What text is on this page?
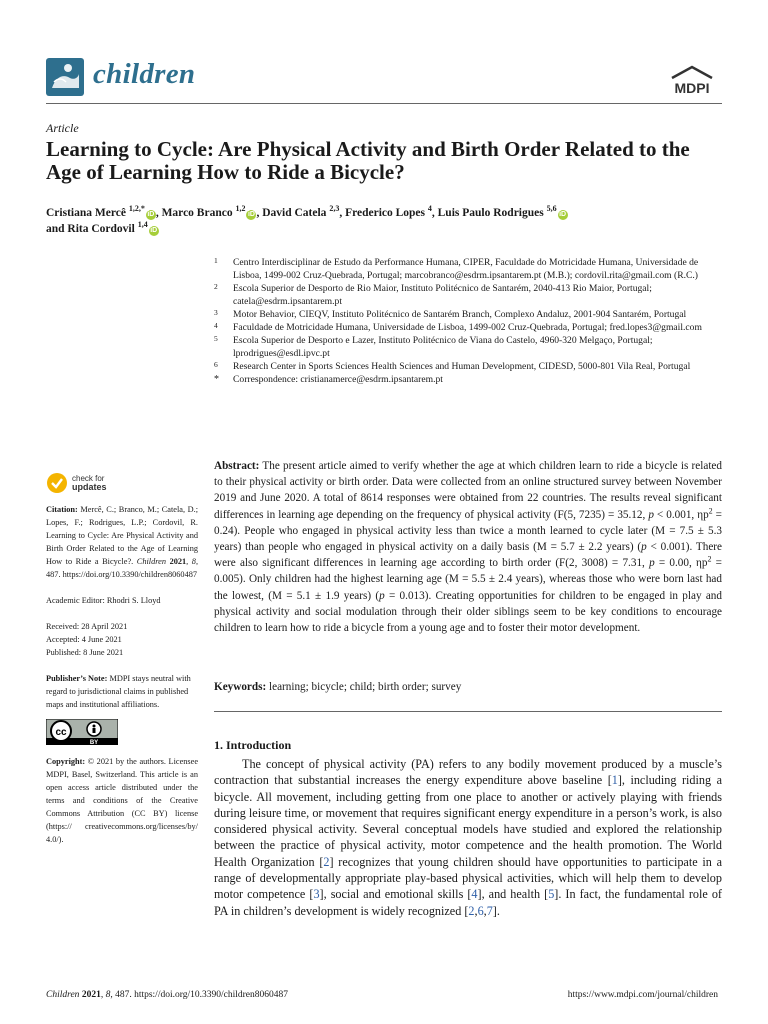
children	MDPI
Article
Learning to Cycle: Are Physical Activity and Birth Order Related to the Age of Learning How to Ride a Bicycle?
Cristiana Mercê $^{1,2,*}$iD , Marco Branco $^{1,2}$iD , David Catela $^{2,3}$, Frederico Lopes $^4$, Luis Paulo Rodrigues $^{5,6}$iD
and Rita Cordovil $^{1,4}$iD
1 Centro Interdisciplinar de Estudo da Performance Humana, CIPER, Faculdade do Motricidade Humana, Universidade de Lisboa, 1499-002 Cruz-Quebrada, Portugal; marcobranco@esdrm.ipsantarem.pt (M.B.); cordovil.rita@gmail.com (R.C.)
2 Escola Superior de Desporto de Rio Maior, Instituto Politécnico de Santarém, 2040-413 Rio Maior, Portugal; catela@esdrm.ipsantarem.pt
3 Motor Behavior, CIEQV, Instituto Politécnico de Santarém Branch, Complexo Andaluz, 2001-904 Santarém, Portugal
4 Faculdade de Motricidade Humana, Universidade de Lisboa, 1499-002 Cruz-Quebrada, Portugal; fred.lopes3@gmail.com
5 Escola Superior de Desporto e Lazer, Instituto Politécnico de Viana do Castelo, 4960-320 Melgaço, Portugal; lprodrigues@esdl.ipvc.pt
6 Research Center in Sports Sciences Health Sciences and Human Development, CIDESD, 5000-801 Vila Real, Portugal
* Correspondence: cristianamerce@esdrm.ipsantarem.pt
check for
updates

Citation: Mercê, C.; Branco, M.; Catela, D.; Lopes, F.; Rodrigues, L.P.; Cordovil, R. Learning to Cycle: Are Physical Activity and Birth Order Related to the Age of Learning How to Ride a Bicycle?. Children 2021, 8, 487. https://doi.org/10.3390/children8060487

Academic Editor: Rhodri S. Lloyd

Received: 28 April 2021

Accepted: 4 June 2021

Published: 8 June 2021

Publisher’s Note: MDPI stays neutral with regard to jurisdictional claims in published maps and institutional affiliations.

cc
BY

Copyright: © 2021 by the authors. Licensee MDPI, Basel, Switzerland. This article is an open access article distributed under the terms and conditions of the Creative Commons Attribution (CC BY) license (https:// creativecommons.org/licenses/by/ 4.0/).

Abstract: The present article aimed to verify whether the age at which children learn to ride a bicycle is related to their physical activity or birth order. Data were collected from an online structured survey between November 2019 and June 2020. A total of 8614 responses were obtained from 22 countries. The results reveal significant differences in learning age depending on the frequency of physical activity (F(5, 7235) = 35.12, p < 0.001, $\eta p^2 = 0.24$). People who engaged in physical activity less than twice a month learned to cycle later (M = 7.5 ± 5.3 years) than people who engaged in physical activity on a daily basis (M = 5.7 ± 2.2 years) (p < 0.001). There were also significant differences in learning age according to birth order (F(2, 3008) = 7.31, p = 0.00, $\eta p^2 = 0.005$). Only children had the highest learning age (M = 5.5 ± 2.4 years), whereas those who were born last had the lowest, (M = 5.1 ± 1.9 years) (p = 0.013). Creating opportunities for children to be engaged in play and physical activity and social modulation through their older siblings seem to be key conditions to encourage children to learn how to ride a bicycle from a young age and to foster their motor development.
Keywords: learning; bicycle; child; birth order; survey
1. Introduction
The concept of physical activity (PA) refers to any bodily movement produced by a muscle’s contraction that substantial increases the energy expenditure above baseline [1], including riding a bicycle. All movement, including getting from one place to another or actively playing with friends during leisure time, or movement that requires significant energy expenditure in a person’s work, is also considered physical activity. Several conceptual models have studied and explored the relationship between the practice of physical activity, motor competence and the health promotion. The World Health Organization [2] recognizes that young children should have opportunities to participate in a range of developmentally appropriate play-based physical activities, which will help them to develop motor competence [3], social and emotional skills [4], and health [5]. In fact, the fundamental role of PA in children’s development is widely recognized [2,6,7].
Children 2021, 8, 487. https://doi.org/10.3390/children8060487	https://www.mdpi.com/journal/children
